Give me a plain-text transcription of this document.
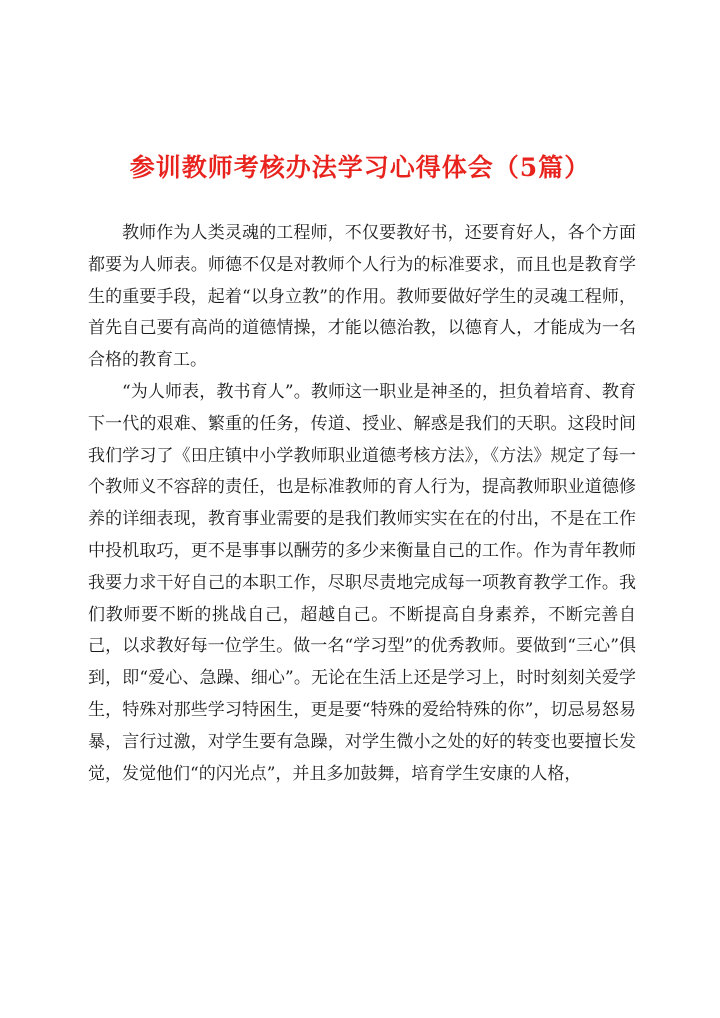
参训教师考核办法学习心得体会（5篇）

教师作为人类灵魂的工程师，不仅要教好书，还要育好人，各个方面都要为人师表。师德不仅是对教师个人行为的标准要求，而且也是教育学生的重要手段，起着“以身立教”的作用。教师要做好学生的灵魂工程师，首先自己要有高尚的道德情操，才能以德治教，以德育人，才能成为一名合格的教育工。

“为人师表，教书育人”。教师这一职业是神圣的，担负着培育、教育下一代的艰难、繁重的任务，传道、授业、解惑是我们的天职。这段时间我们学习了《田庄镇中小学教师职业道德考核方法》，《方法》规定了每一个教师义不容辞的责任，也是标准教师的育人行为，提高教师职业道德修养的详细表现，教育事业需要的是我们教师实实在在的付出，不是在工作中投机取巧，更不是事事以酬劳的多少来衡量自己的工作。作为青年教师我要力求干好自己的本职工作，尽职尽责地完成每一项教育教学工作。我们教师要不断的挑战自己，超越自己。不断提高自身素养，不断完善自己，以求教好每一位学生。做一名“学习型”的优秀教师。要做到“三心”俱到，即“爱心、急躁、细心”。无论在生活上还是学习上，时时刻刻关爱学生，特殊对那些学习特困生，更是要“特殊的爱给特殊的你”，切忌易怒易暴，言行过激，对学生要有急躁，对学生微小之处的好的转变也要擅长发觉，发觉他们“的闪光点”，并且多加鼓舞，培育学生安康的人格，
